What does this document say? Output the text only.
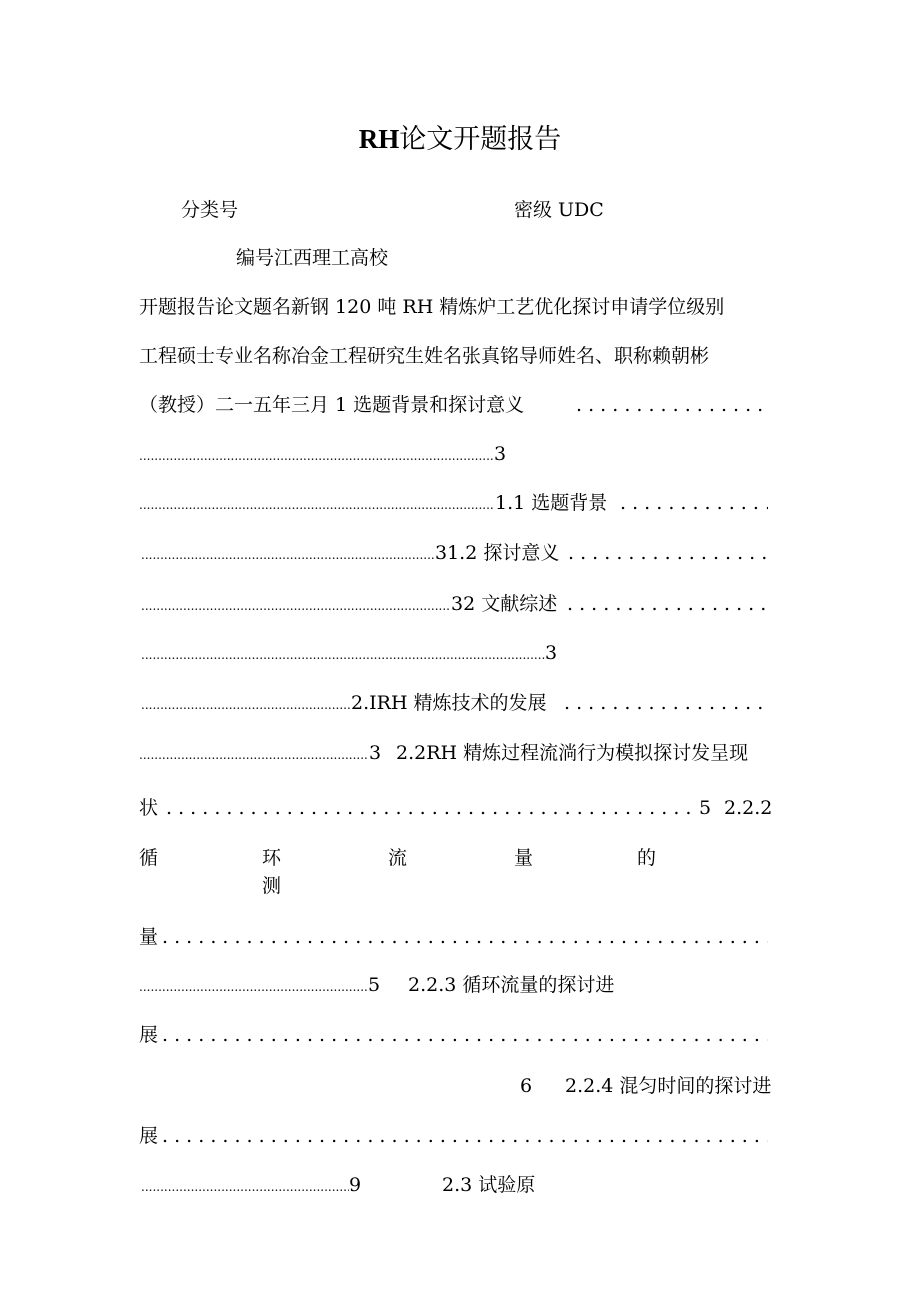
RH论文开题报告
分类号	密级 UDC
编号江西理工高校
开题报告论文题名新钢 120 吨 RH 精炼炉工艺优化探讨申请学位级别
工程硕士专业名称冶金工程研究生姓名张真铭导师姓名、职称赖朝彬
（教授）二一五年三月 1 选题背景和探讨意义
. . .
.....
3
.....
1.1 选题背景
. . .
.....
31.2 探讨意义
. . .
.....
32 文献综述
. . .
.....
3
.....
2.IRH 精炼技术的发展
. . .
.....
3 2.2RH 精炼过程流淌行为模拟探讨发呈现
状
. . .	5 2.2.2
循	环	流	量	的
测
量
. . .
.....
5 2.2.3 循环流量的探讨进
展
. . .
6 2.2.4 混匀时间的探讨进
展
. . .
.....
9	2.3 试验原
